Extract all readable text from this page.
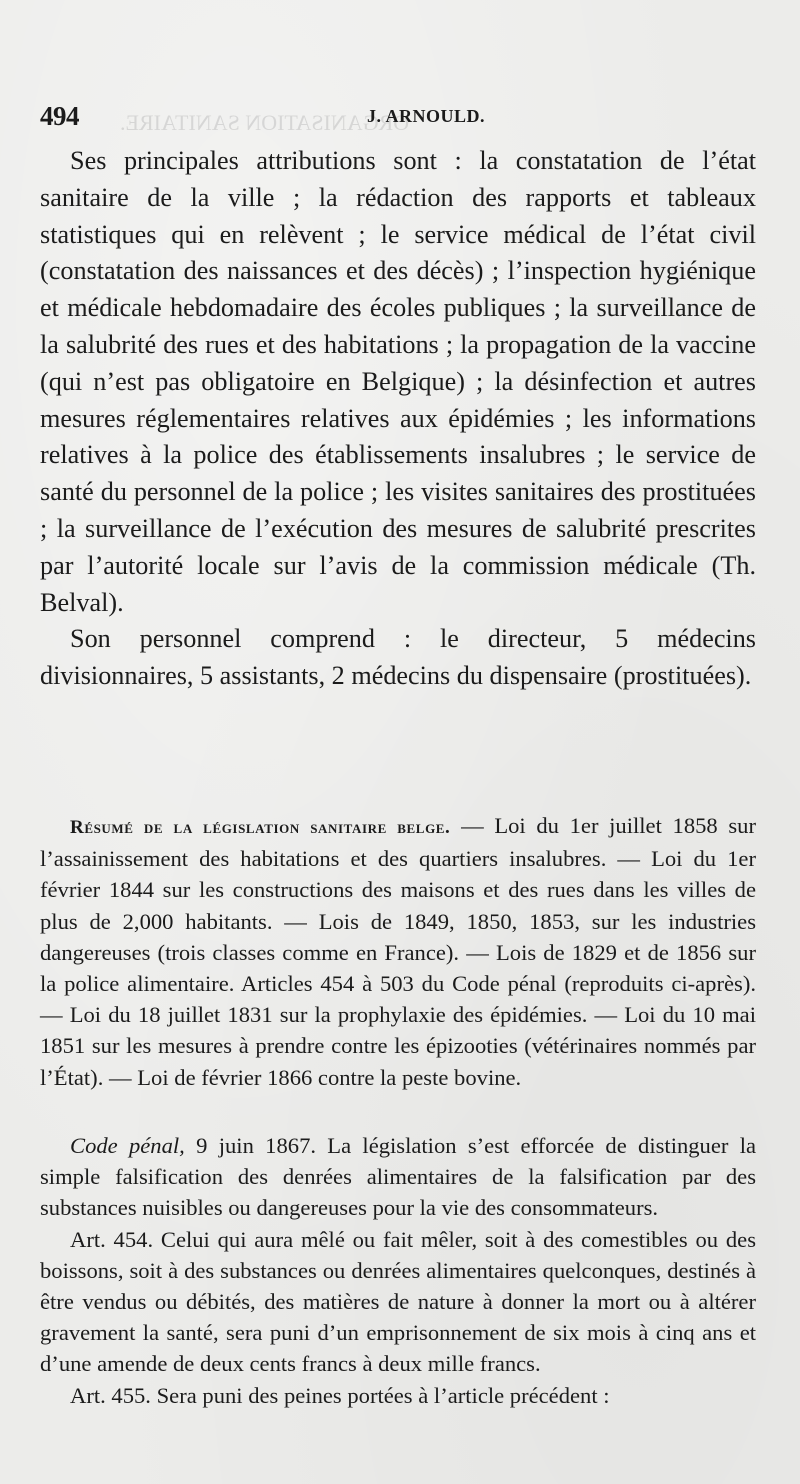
ORGANISATION SANITAIRE.
494	J. ARNOULD.

Ses principales attributions sont : la constatation de l’état sanitaire de la ville ; la rédaction des rapports et tableaux statistiques qui en relèvent ; le service médical de l’état civil (constatation des naissances et des décès) ; l’inspection hygiénique et médicale hebdomadaire des écoles publiques ; la surveillance de la salubrité des rues et des habitations ; la propagation de la vaccine (qui n’est pas obligatoire en Belgique) ; la désinfection et autres mesures réglementaires relatives aux épidémies ; les informations relatives à la police des établissements insalubres ; le service de santé du personnel de la police ; les visites sanitaires des prostituées ; la surveillance de l’exécution des mesures de salubrité prescrites par l’autorité locale sur l’avis de la commission médicale (Th. Belval).

Son personnel comprend : le directeur, 5 médecins divisionnaires, 5 assistants, 2 médecins du dispensaire (prostituées).

Résumé de la législation sanitaire belge. — Loi du 1er juillet 1858 sur l’assainissement des habitations et des quartiers insalubres. — Loi du 1er février 1844 sur les constructions des maisons et des rues dans les villes de plus de 2,000 habitants. — Lois de 1849, 1850, 1853, sur les industries dangereuses (trois classes comme en France). — Lois de 1829 et de 1856 sur la police alimentaire. Articles 454 à 503 du Code pénal (reproduits ci-après). — Loi du 18 juillet 1831 sur la prophylaxie des épidémies. — Loi du 10 mai 1851 sur les mesures à prendre contre les épizooties (vétérinaires nommés par l’État). — Loi de février 1866 contre la peste bovine.

Code pénal, 9 juin 1867. La législation s’est efforcée de distinguer la simple falsification des denrées alimentaires de la falsification par des substances nuisibles ou dangereuses pour la vie des consommateurs.

Art. 454. Celui qui aura mêlé ou fait mêler, soit à des comestibles ou des boissons, soit à des substances ou denrées alimentaires quelconques, destinés à être vendus ou débités, des matières de nature à donner la mort ou à altérer gravement la santé, sera puni d’un emprisonnement de six mois à cinq ans et d’une amende de deux cents francs à deux mille francs.

Art. 455. Sera puni des peines portées à l’article précédent :
